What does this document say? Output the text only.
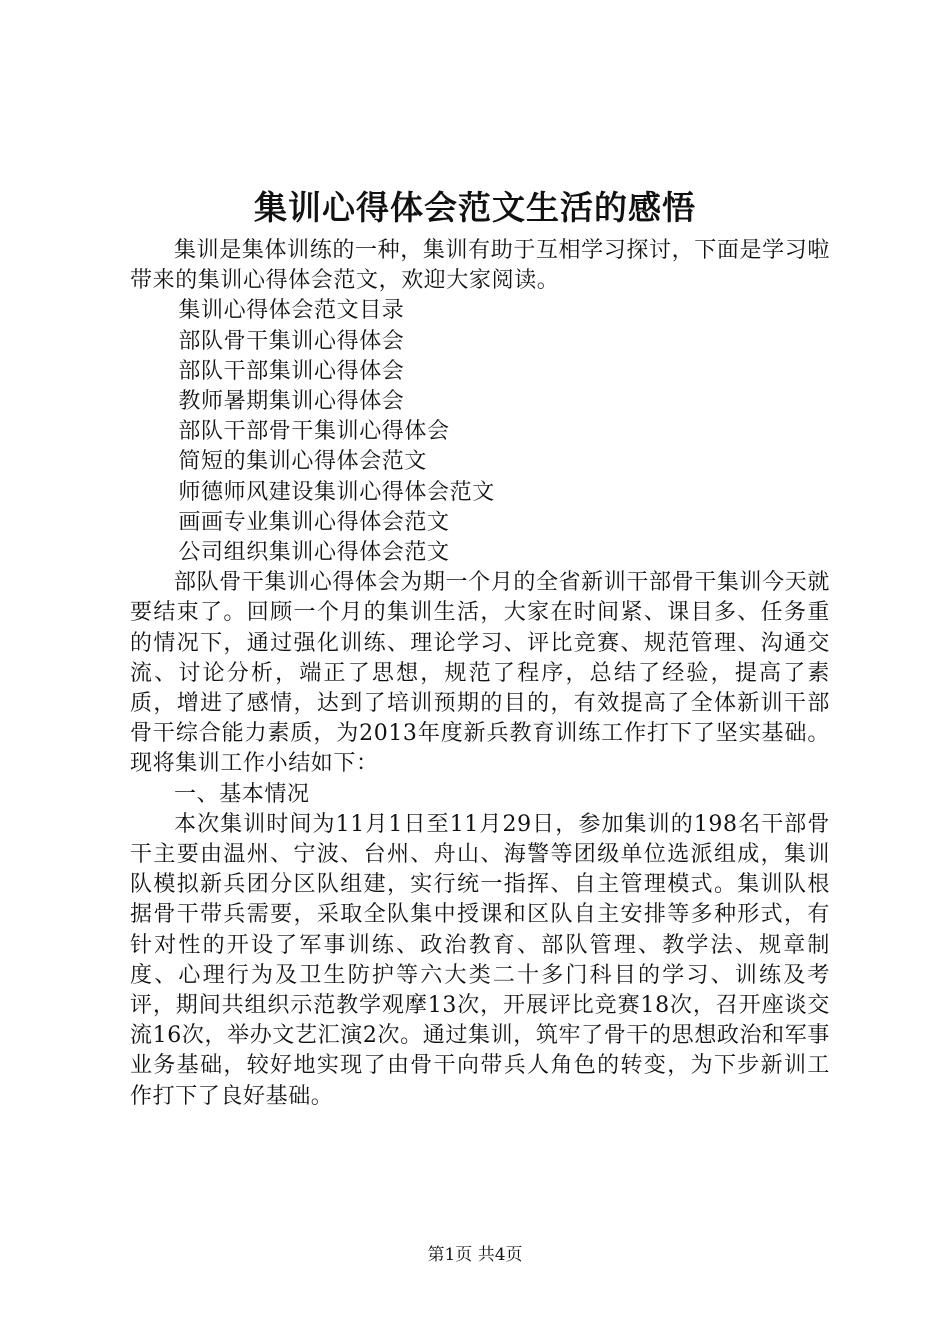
集训心得体会范文生活的感悟

集训是集体训练的一种，集训有助于互相学习探讨，下面是学习啦带来的集训心得体会范文，欢迎大家阅读。

集训心得体会范文目录

部队骨干集训心得体会

部队干部集训心得体会

教师暑期集训心得体会

部队干部骨干集训心得体会

简短的集训心得体会范文

师德师风建设集训心得体会范文

画画专业集训心得体会范文

公司组织集训心得体会范文

部队骨干集训心得体会为期一个月的全省新训干部骨干集训今天就要结束了。回顾一个月的集训生活，大家在时间紧、课目多、任务重的情况下，通过强化训练、理论学习、评比竞赛、规范管理、沟通交流、讨论分析，端正了思想，规范了程序，总结了经验，提高了素质，增进了感情，达到了培训预期的目的，有效提高了全体新训干部骨干综合能力素质，为2013年度新兵教育训练工作打下了坚实基础。现将集训工作小结如下：

一、基本情况

本次集训时间为11月1日至11月29日，参加集训的198名干部骨干主要由温州、宁波、台州、舟山、海警等团级单位选派组成，集训队模拟新兵团分区队组建，实行统一指挥、自主管理模式。集训队根据骨干带兵需要，采取全队集中授课和区队自主安排等多种形式，有针对性的开设了军事训练、政治教育、部队管理、教学法、规章制度、心理行为及卫生防护等六大类二十多门科目的学习、训练及考评，期间共组织示范教学观摩13次，开展评比竞赛18次，召开座谈交流16次，举办文艺汇演2次。通过集训，筑牢了骨干的思想政治和军事业务基础，较好地实现了由骨干向带兵人角色的转变，为下步新训工作打下了良好基础。

第1页 共4页
